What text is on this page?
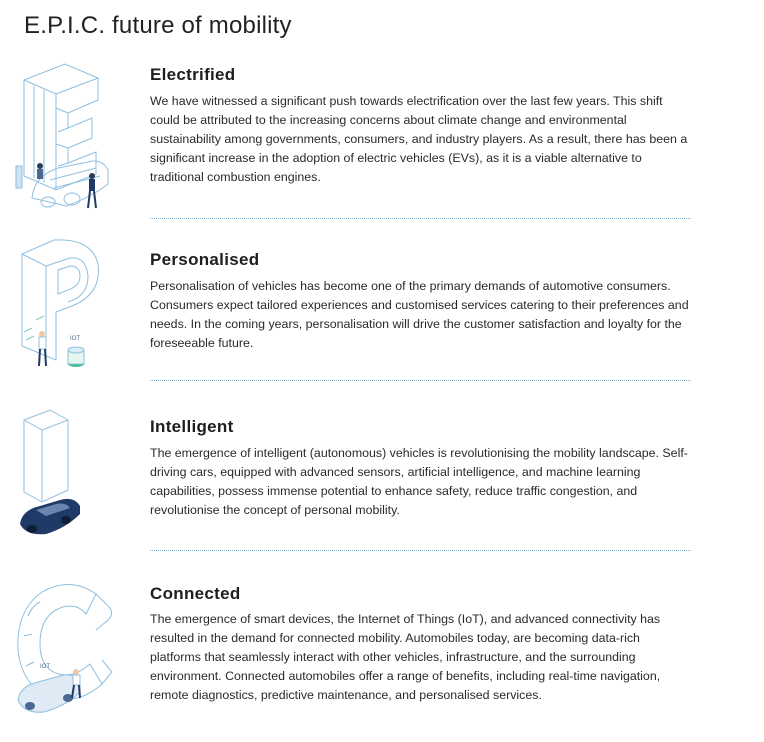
E.P.I.C. future of mobility
Electrified

We have witnessed a significant push towards electrification over the last few years. This shift could be attributed to the increasing concerns about climate change and environmental sustainability among governments, consumers, and industry players. As a result, there has been a significant increase in the adoption of electric vehicles (EVs), as it is a viable alternative to traditional combustion engines.

IOT
Personalised

Personalisation of vehicles has become one of the primary demands of automotive consumers. Consumers expect tailored experiences and customised services catering to their preferences and needs. In the coming years, personalisation will drive the customer satisfaction and loyalty for the foreseeable future.

Intelligent

The emergence of intelligent (autonomous) vehicles is revolutionising the mobility landscape. Self-driving cars, equipped with advanced sensors, artificial intelligence, and machine learning capabilities, possess immense potential to enhance safety, reduce traffic congestion, and revolutionise the concept of personal mobility.

IOT
Connected

The emergence of smart devices, the Internet of Things (IoT), and advanced connectivity has resulted in the demand for connected mobility. Automobiles today, are becoming data-rich platforms that seamlessly interact with other vehicles, infrastructure, and the surrounding environment. Connected automobiles offer a range of benefits, including real-time navigation, remote diagnostics, predictive maintenance, and personalised services.
